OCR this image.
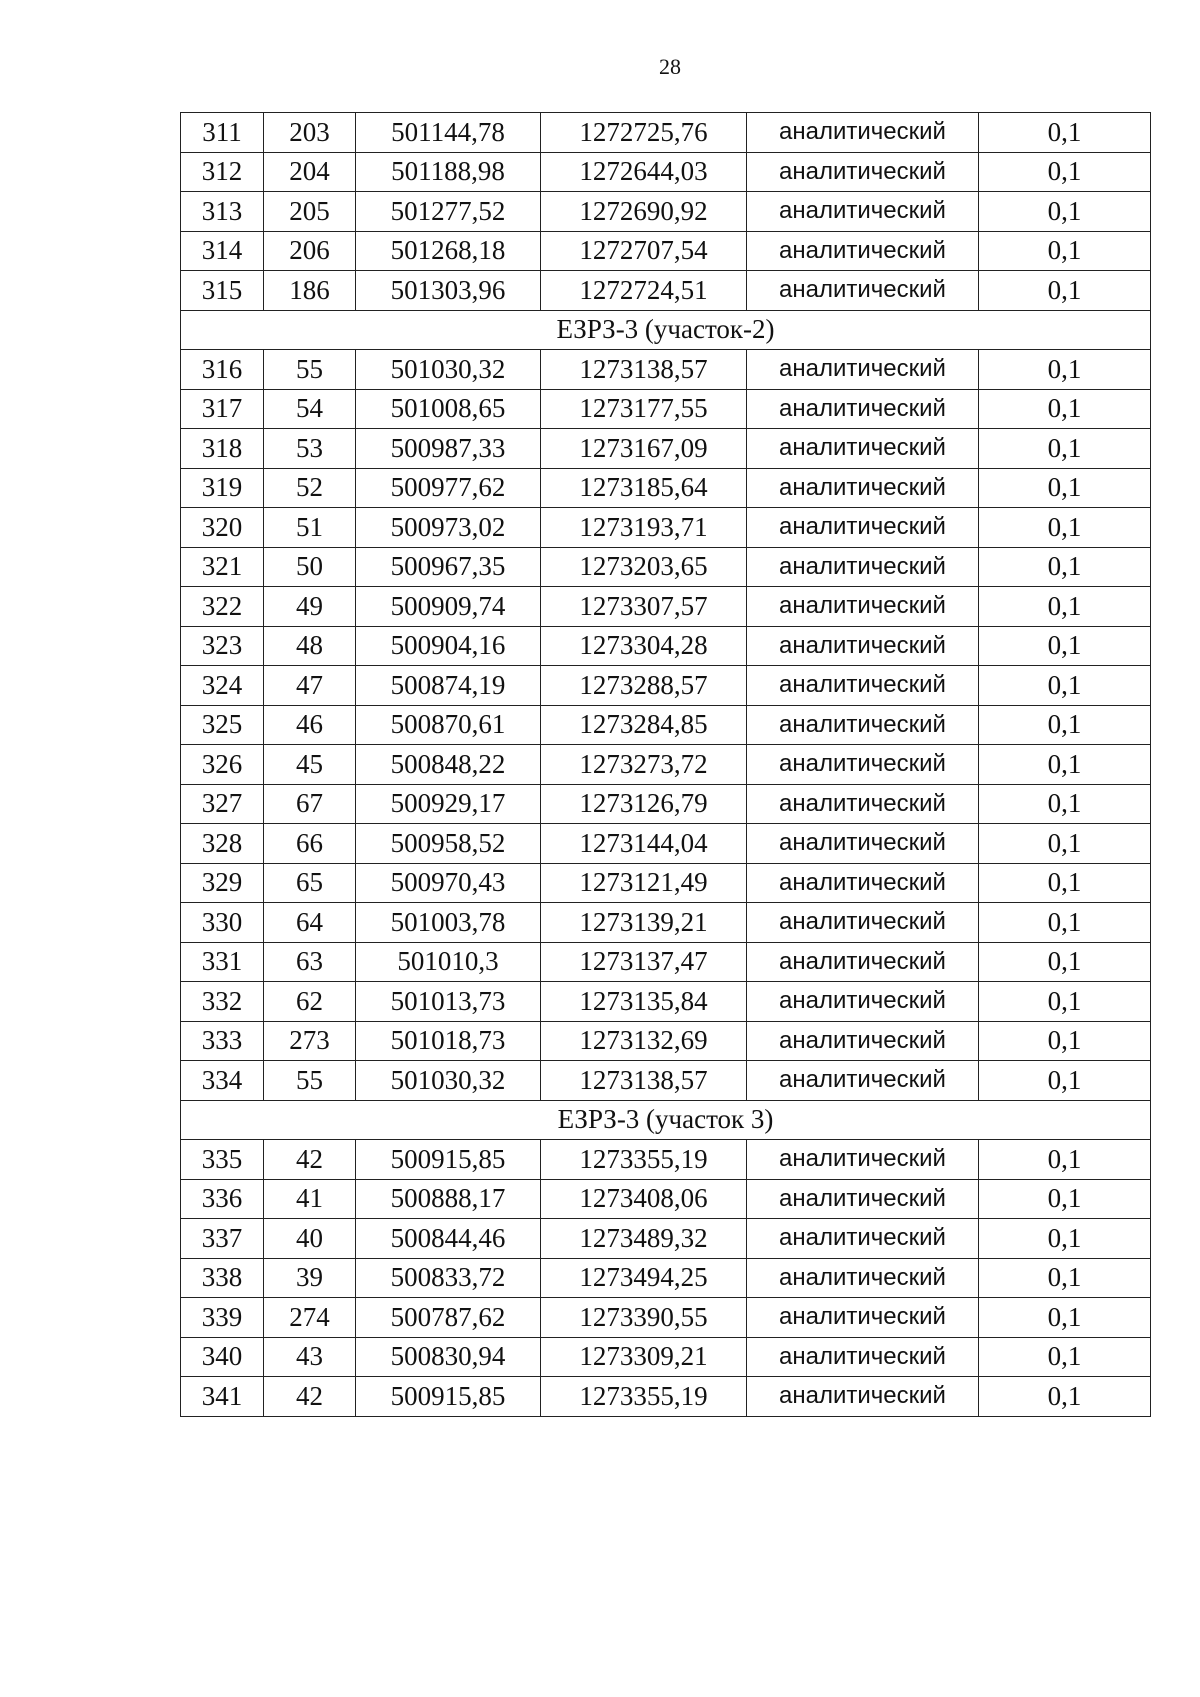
28
311	203	501144,78	1272725,76	аналитический	0,1
312	204	501188,98	1272644,03	аналитический	0,1
313	205	501277,52	1272690,92	аналитический	0,1
314	206	501268,18	1272707,54	аналитический	0,1
315	186	501303,96	1272724,51	аналитический	0,1
ЕЗРЗ-3 (участок-2)					
316	55	501030,32	1273138,57	аналитический	0,1
317	54	501008,65	1273177,55	аналитический	0,1
318	53	500987,33	1273167,09	аналитический	0,1
319	52	500977,62	1273185,64	аналитический	0,1
320	51	500973,02	1273193,71	аналитический	0,1
321	50	500967,35	1273203,65	аналитический	0,1
322	49	500909,74	1273307,57	аналитический	0,1
323	48	500904,16	1273304,28	аналитический	0,1
324	47	500874,19	1273288,57	аналитический	0,1
325	46	500870,61	1273284,85	аналитический	0,1
326	45	500848,22	1273273,72	аналитический	0,1
327	67	500929,17	1273126,79	аналитический	0,1
328	66	500958,52	1273144,04	аналитический	0,1
329	65	500970,43	1273121,49	аналитический	0,1
330	64	501003,78	1273139,21	аналитический	0,1
331	63	501010,3	1273137,47	аналитический	0,1
332	62	501013,73	1273135,84	аналитический	0,1
333	273	501018,73	1273132,69	аналитический	0,1
334	55	501030,32	1273138,57	аналитический	0,1
ЕЗРЗ-3 (участок 3)					
335	42	500915,85	1273355,19	аналитический	0,1
336	41	500888,17	1273408,06	аналитический	0,1
337	40	500844,46	1273489,32	аналитический	0,1
338	39	500833,72	1273494,25	аналитический	0,1
339	274	500787,62	1273390,55	аналитический	0,1
340	43	500830,94	1273309,21	аналитический	0,1
341	42	500915,85	1273355,19	аналитический	0,1
